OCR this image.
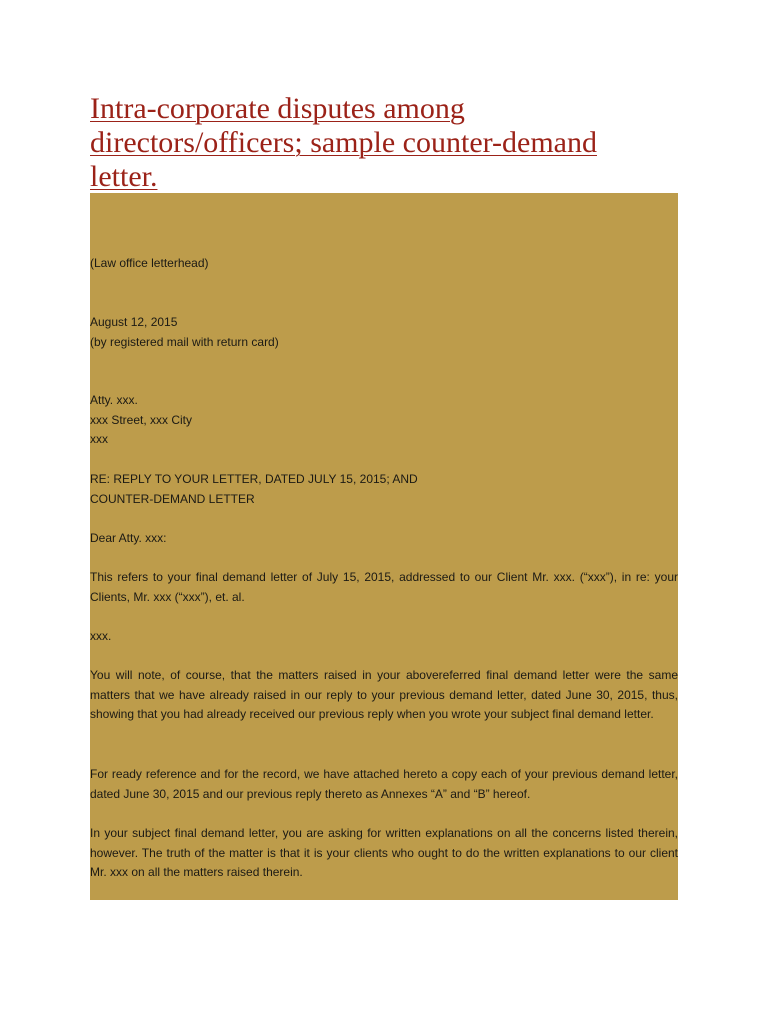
Intra-corporate disputes among
directors/officers; sample counter-demand
letter.
(Law office letterhead)
August 12, 2015
(by registered mail with return card)
Atty. xxx.
xxx Street, xxx City
xxx
RE: REPLY TO YOUR LETTER, DATED JULY 15, 2015; AND
COUNTER-DEMAND LETTER
Dear Atty. xxx:
This refers to your final demand letter of July 15, 2015, addressed to our Client Mr. xxx. (“xxx”), in re: your Clients, Mr. xxx (“xxx”), et. al.
xxx.
You will note, of course, that the matters raised in your abovereferred final demand letter were the same matters that we have already raised in our reply to your previous demand letter, dated June 30, 2015, thus, showing that you had already received our previous reply when you wrote your subject final demand letter.
For ready reference and for the record, we have attached hereto a copy each of your previous demand letter, dated June 30, 2015 and our previous reply thereto as Annexes “A” and “B” hereof.
In your subject final demand letter, you are asking for written explanations on all the concerns listed therein, however. The truth of the matter is that it is your clients who ought to do the written explanations to our client Mr. xxx on all the matters raised therein.
